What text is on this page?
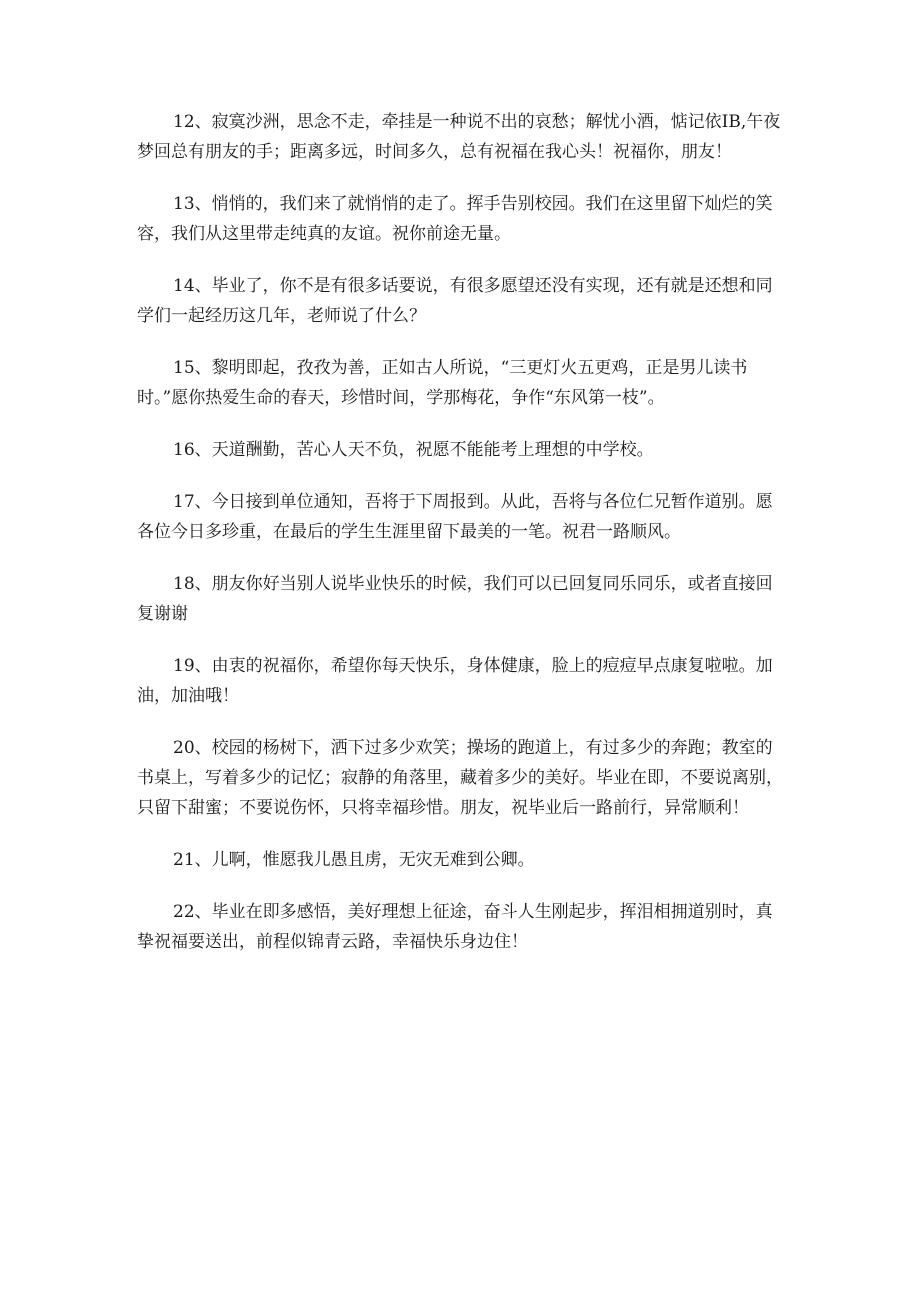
12、寂寞沙洲，思念不走，牵挂是一种说不出的哀愁；解忧小酒，惦记依IB,午夜梦回总有朋友的手；距离多远，时间多久，总有祝福在我心头！祝福你，朋友！

13、悄悄的，我们来了就悄悄的走了。挥手告别校园。我们在这里留下灿烂的笑容，我们从这里带走纯真的友谊。祝你前途无量。

14、毕业了，你不是有很多话要说，有很多愿望还没有实现，还有就是还想和同学们一起经历这几年，老师说了什么？

15、黎明即起，孜孜为善，正如古人所说，“三更灯火五更鸡，正是男儿读书时。”愿你热爱生命的春天，珍惜时间，学那梅花，争作“东风第一枝”。

16、天道酬勤，苦心人天不负，祝愿不能能考上理想的中学校。

17、今日接到单位通知，吾将于下周报到。从此，吾将与各位仁兄暂作道别。愿各位今日多珍重，在最后的学生生涯里留下最美的一笔。祝君一路顺风。

18、朋友你好当别人说毕业快乐的时候，我们可以已回复同乐同乐，或者直接回复谢谢

19、由衷的祝福你，希望你每天快乐，身体健康，脸上的痘痘早点康复啦啦。加油，加油哦！

20、校园的杨树下，洒下过多少欢笑；操场的跑道上，有过多少的奔跑；教室的书桌上，写着多少的记忆；寂静的角落里，藏着多少的美好。毕业在即，不要说离别，只留下甜蜜；不要说伤怀，只将幸福珍惜。朋友，祝毕业后一路前行，异常顺利！

21、儿啊，惟愿我儿愚且虏，无灾无难到公卿。

22、毕业在即多感悟，美好理想上征途，奋斗人生刚起步，挥泪相拥道别时，真挚祝福要送出，前程似锦青云路，幸福快乐身边住！
